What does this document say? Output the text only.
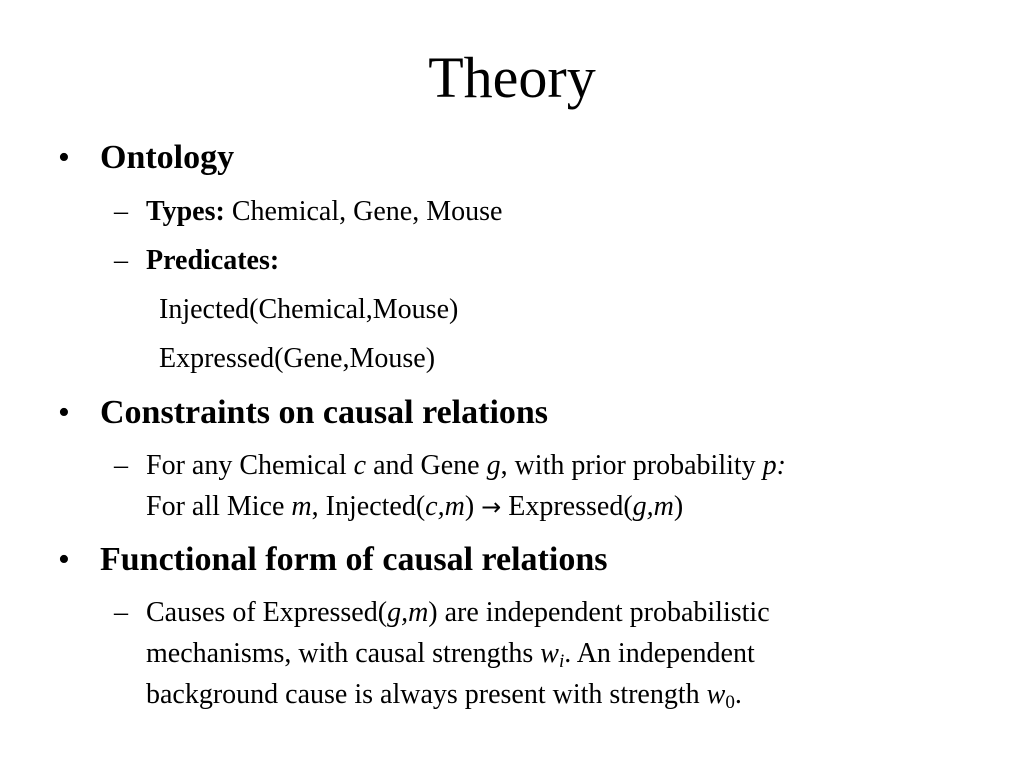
Theory
• Ontology
– Types: Chemical, Gene, Mouse
– Predicates:
Injected(Chemical,Mouse)
Expressed(Gene,Mouse)
• Constraints on causal relations
– For any Chemical c and Gene g, with prior probability p:
For all Mice m, Injected(c,m) → Expressed(g,m)
• Functional form of causal relations
– Causes of Expressed(g,m) are independent probabilistic
mechanisms, with causal strengths $w_i$. An independent
background cause is always present with strength $w_0$.
